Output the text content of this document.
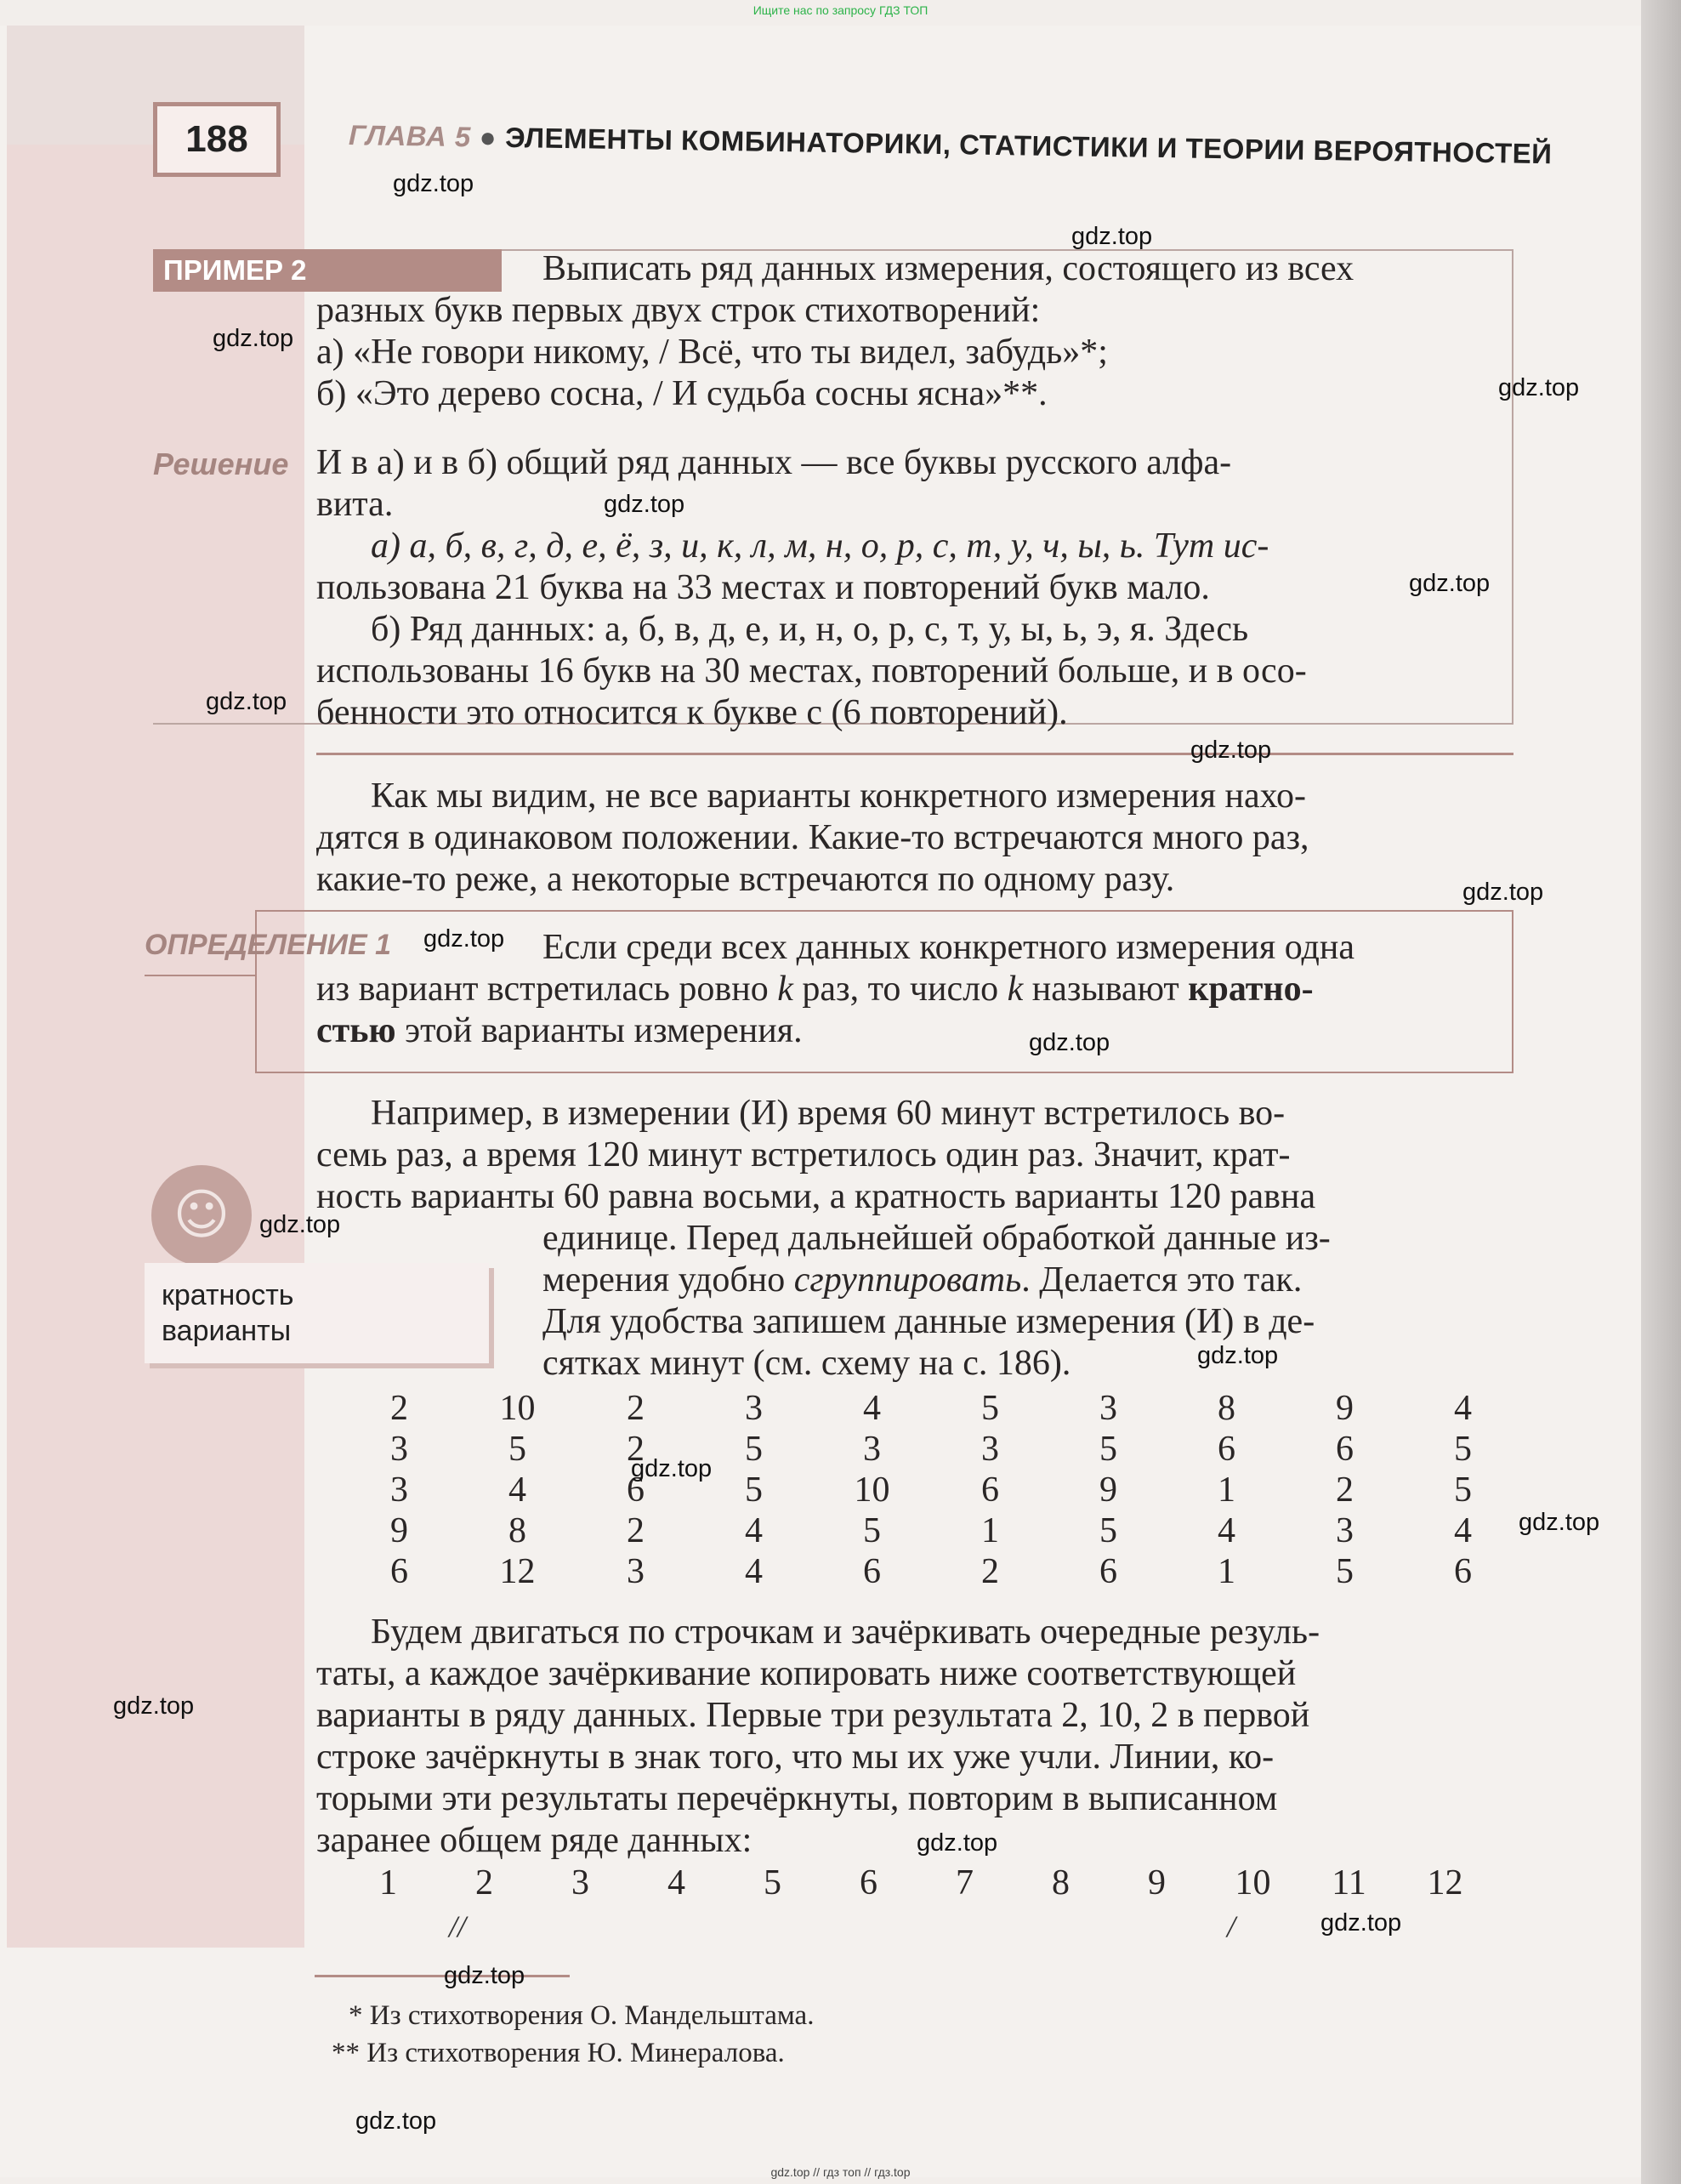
Ищите нас по запросу ГДЗ ТОП
188	ГЛАВА 5 ● ЭЛЕМЕНТЫ КОМБИНАТОРИКИ, СТАТИСТИКИ И ТЕОРИИ ВЕРОЯТНОСТЕЙ
ПРИМЕР 2	Выписать ряд данных измерения, состоящего из всех
разных букв первых двух строк стихотворений:
а) «Не говори никому, / Всё, что ты видел, забудь»*;
б) «Это дерево сосна, / И судьба сосны ясна»**.
Решение И в а) и в б) общий ряд данных — все буквы русского алфа-
вита.
а) а, б, в, г, д, е, ё, з, и, к, л, м, н, о, р, с, т, у, ч, ы, ь. Тут ис-
пользована 21 буква на 33 местах и повторений букв мало.
б) Ряд данных: а, б, в, д, е, и, н, о, р, с, т, у, ы, ь, э, я. Здесь
использованы 16 букв на 30 местах, повторений больше, и в осо-
бенности это относится к букве с (6 повторений).
Как мы видим, не все варианты конкретного измерения нахо-
дятся в одинаковом положении. Какие-то встречаются много раз,
какие-то реже, а некоторые встречаются по одному разу.
ОПРЕДЕЛЕНИЕ 1	Если среди всех данных конкретного измерения одна
из вариант встретилась ровно k раз, то число k называют кратно-
стью этой варианты измерения.
Например, в измерении (И) время 60 минут встретилось во-
семь раз, а время 120 минут встретилось один раз. Значит, крат-
ность варианты 60 равна восьми, а кратность варианты 120 равна
единице. Перед дальнейшей обработкой данные из-
мерения удобно сгруппировать. Делается это так.
Для удобства запишем данные измерения (И) в де-
сятках минут (см. схему на с. 186).
☺
кратность
варианты
2	10	2	3	4	5	3	8	9	4
3	5	2	5	3	3	5	6	6	5
3	4	6	5	10	6	9	1	2	5
9	8	2	4	5	1	5	4	3	4
6	12	3	4	6	2	6	1	5	6
Будем двигаться по строчкам и зачёркивать очередные резуль-
таты, а каждое зачёркивание копировать ниже соответствующей
варианты в ряду данных. Первые три результата 2, 10, 2 в первой
строке зачёркнуты в знак того, что мы их уже учли. Линии, ко-
торыми эти результаты перечёркнуты, повторим в выписанном
заранее общем ряде данных:
1	2	3	4	5	6	7	8	9	10	11	12
//	/
* Из стихотворения О. Мандельштама.
** Из стихотворения Ю. Минералова.
gdz.top
gdz.top
gdz.top
gdz.top
gdz.top
gdz.top
gdz.top
gdz.top
gdz.top
gdz.top
gdz.top
gdz.top
gdz.top
gdz.top
gdz.top
gdz.top
gdz.top
gdz.top
gdz.top
gdz.top
gdz.top // гдз топ // гдз.top
